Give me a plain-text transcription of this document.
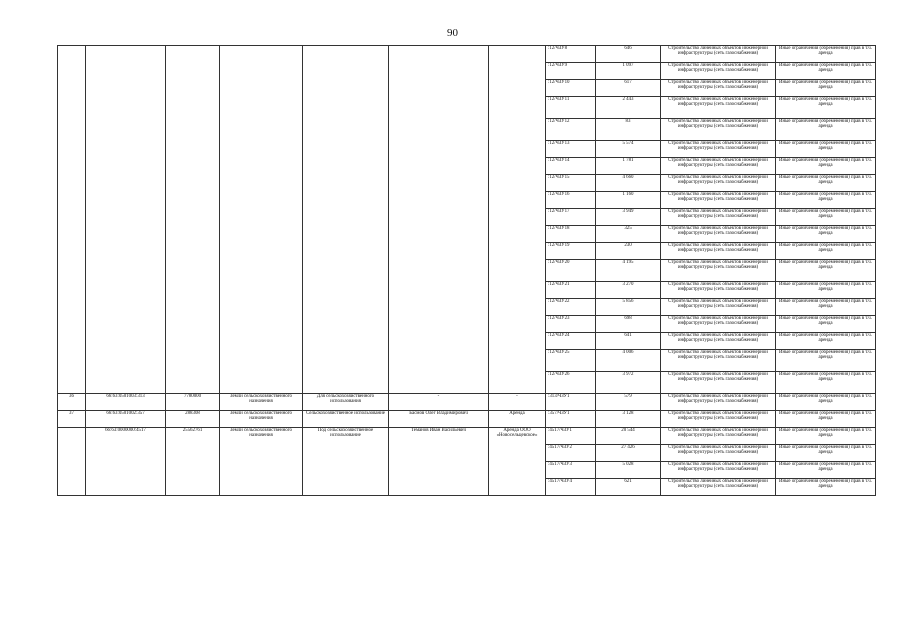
90
							:12/ЧЗУ8	646	Строительство линейных объектов инженерной инфраструктуры (сеть газоснабжения)	Иные ограничения (обременения) прав в т.ч. аренда
							:12/ЧЗУ9	1 097	Строительство линейных объектов инженерной инфраструктуры (сеть газоснабжения)	Иные ограничения (обременения) прав в т.ч. аренда
							:12/ЧЗУ10	617	Строительство линейных объектов инженерной инфраструктуры (сеть газоснабжения)	Иные ограничения (обременения) прав в т.ч. аренда
							:12/ЧЗУ11	2 443	Строительство линейных объектов инженерной инфраструктуры (сеть газоснабжения)	Иные ограничения (обременения) прав в т.ч. аренда
							:12/ЧЗУ12	83	Строительство линейных объектов инженерной инфраструктуры (сеть газоснабжения)	Иные ограничения (обременения) прав в т.ч. аренда
							:12/ЧЗУ13	5 574	Строительство линейных объектов инженерной инфраструктуры (сеть газоснабжения)	Иные ограничения (обременения) прав в т.ч. аренда
							:12/ЧЗУ14	1 781	Строительство линейных объектов инженерной инфраструктуры (сеть газоснабжения)	Иные ограничения (обременения) прав в т.ч. аренда
							:12/ЧЗУ15	4 660	Строительство линейных объектов инженерной инфраструктуры (сеть газоснабжения)	Иные ограничения (обременения) прав в т.ч. аренда
							:12/ЧЗУ16	1 160	Строительство линейных объектов инженерной инфраструктуры (сеть газоснабжения)	Иные ограничения (обременения) прав в т.ч. аренда
							:12/ЧЗУ17	3 949	Строительство линейных объектов инженерной инфраструктуры (сеть газоснабжения)	Иные ограничения (обременения) прав в т.ч. аренда
							:12/ЧЗУ18	325	Строительство линейных объектов инженерной инфраструктуры (сеть газоснабжения)	Иные ограничения (обременения) прав в т.ч. аренда
							:12/ЧЗУ19	230	Строительство линейных объектов инженерной инфраструктуры (сеть газоснабжения)	Иные ограничения (обременения) прав в т.ч. аренда
							:12/ЧЗУ20	4 195	Строительство линейных объектов инженерной инфраструктуры (сеть газоснабжения)	Иные ограничения (обременения) прав в т.ч. аренда
							:12/ЧЗУ21	3 270	Строительство линейных объектов инженерной инфраструктуры (сеть газоснабжения)	Иные ограничения (обременения) прав в т.ч. аренда
							:12/ЧЗУ22	5 856	Строительство линейных объектов инженерной инфраструктуры (сеть газоснабжения)	Иные ограничения (обременения) прав в т.ч. аренда
							:12/ЧЗУ23	698	Строительство линейных объектов инженерной инфраструктуры (сеть газоснабжения)	Иные ограничения (обременения) прав в т.ч. аренда
							:12/ЧЗУ24	641	Строительство линейных объектов инженерной инфраструктуры (сеть газоснабжения)	Иные ограничения (обременения) прав в т.ч. аренда
							:12/ЧЗУ25	4 006	Строительство линейных объектов инженерной инфраструктуры (сеть газоснабжения)	Иные ограничения (обременения) прав в т.ч. аренда
							:12/ЧЗУ26	3 972	Строительство линейных объектов инженерной инфраструктуры (сеть газоснабжения)	Иные ограничения (обременения) прав в т.ч. аренда
36	66:63:0501003:313	7780000	Земли сельскохозяйственного назначения	Для сельскохозяйственного использования	-	-	:313/ЧЗУ1	579	Строительство линейных объектов инженерной инфраструктуры (сеть газоснабжения)	Иные ограничения (обременения) прав в т.ч. аренда
37	66:63:0501002:357	288308	Земли сельскохозяйственного назначения	Сельскохозяйственное использование	Басмов Олег Владимирович	Аренда	:357/ЧЗУ1	3 128	Строительство линейных объектов инженерной инфраструктуры (сеть газоснабжения)	Иные ограничения (обременения) прав в т.ч. аренда
	66:63:0000000:4517	25562761	Земли сельскохозяйственного назначения	Под сельскохозяйственное использование	Теманов Иван Васильевич	Аренда ООО «Новосельцевское»	:4517/ЧЗУ1	20 544	Строительство линейных объектов инженерной инфраструктуры (сеть газоснабжения)	Иные ограничения (обременения) прав в т.ч. аренда
							:4517/ЧЗУ2	27 426	Строительство линейных объектов инженерной инфраструктуры (сеть газоснабжения)	Иные ограничения (обременения) прав в т.ч. аренда
							:4517/ЧЗУ3	5 028	Строительство линейных объектов инженерной инфраструктуры (сеть газоснабжения)	Иные ограничения (обременения) прав в т.ч. аренда
							:4517/ЧЗУ4	621	Строительство линейных объектов инженерной инфраструктуры (сеть газоснабжения)	Иные ограничения (обременения) прав в т.ч. аренда
